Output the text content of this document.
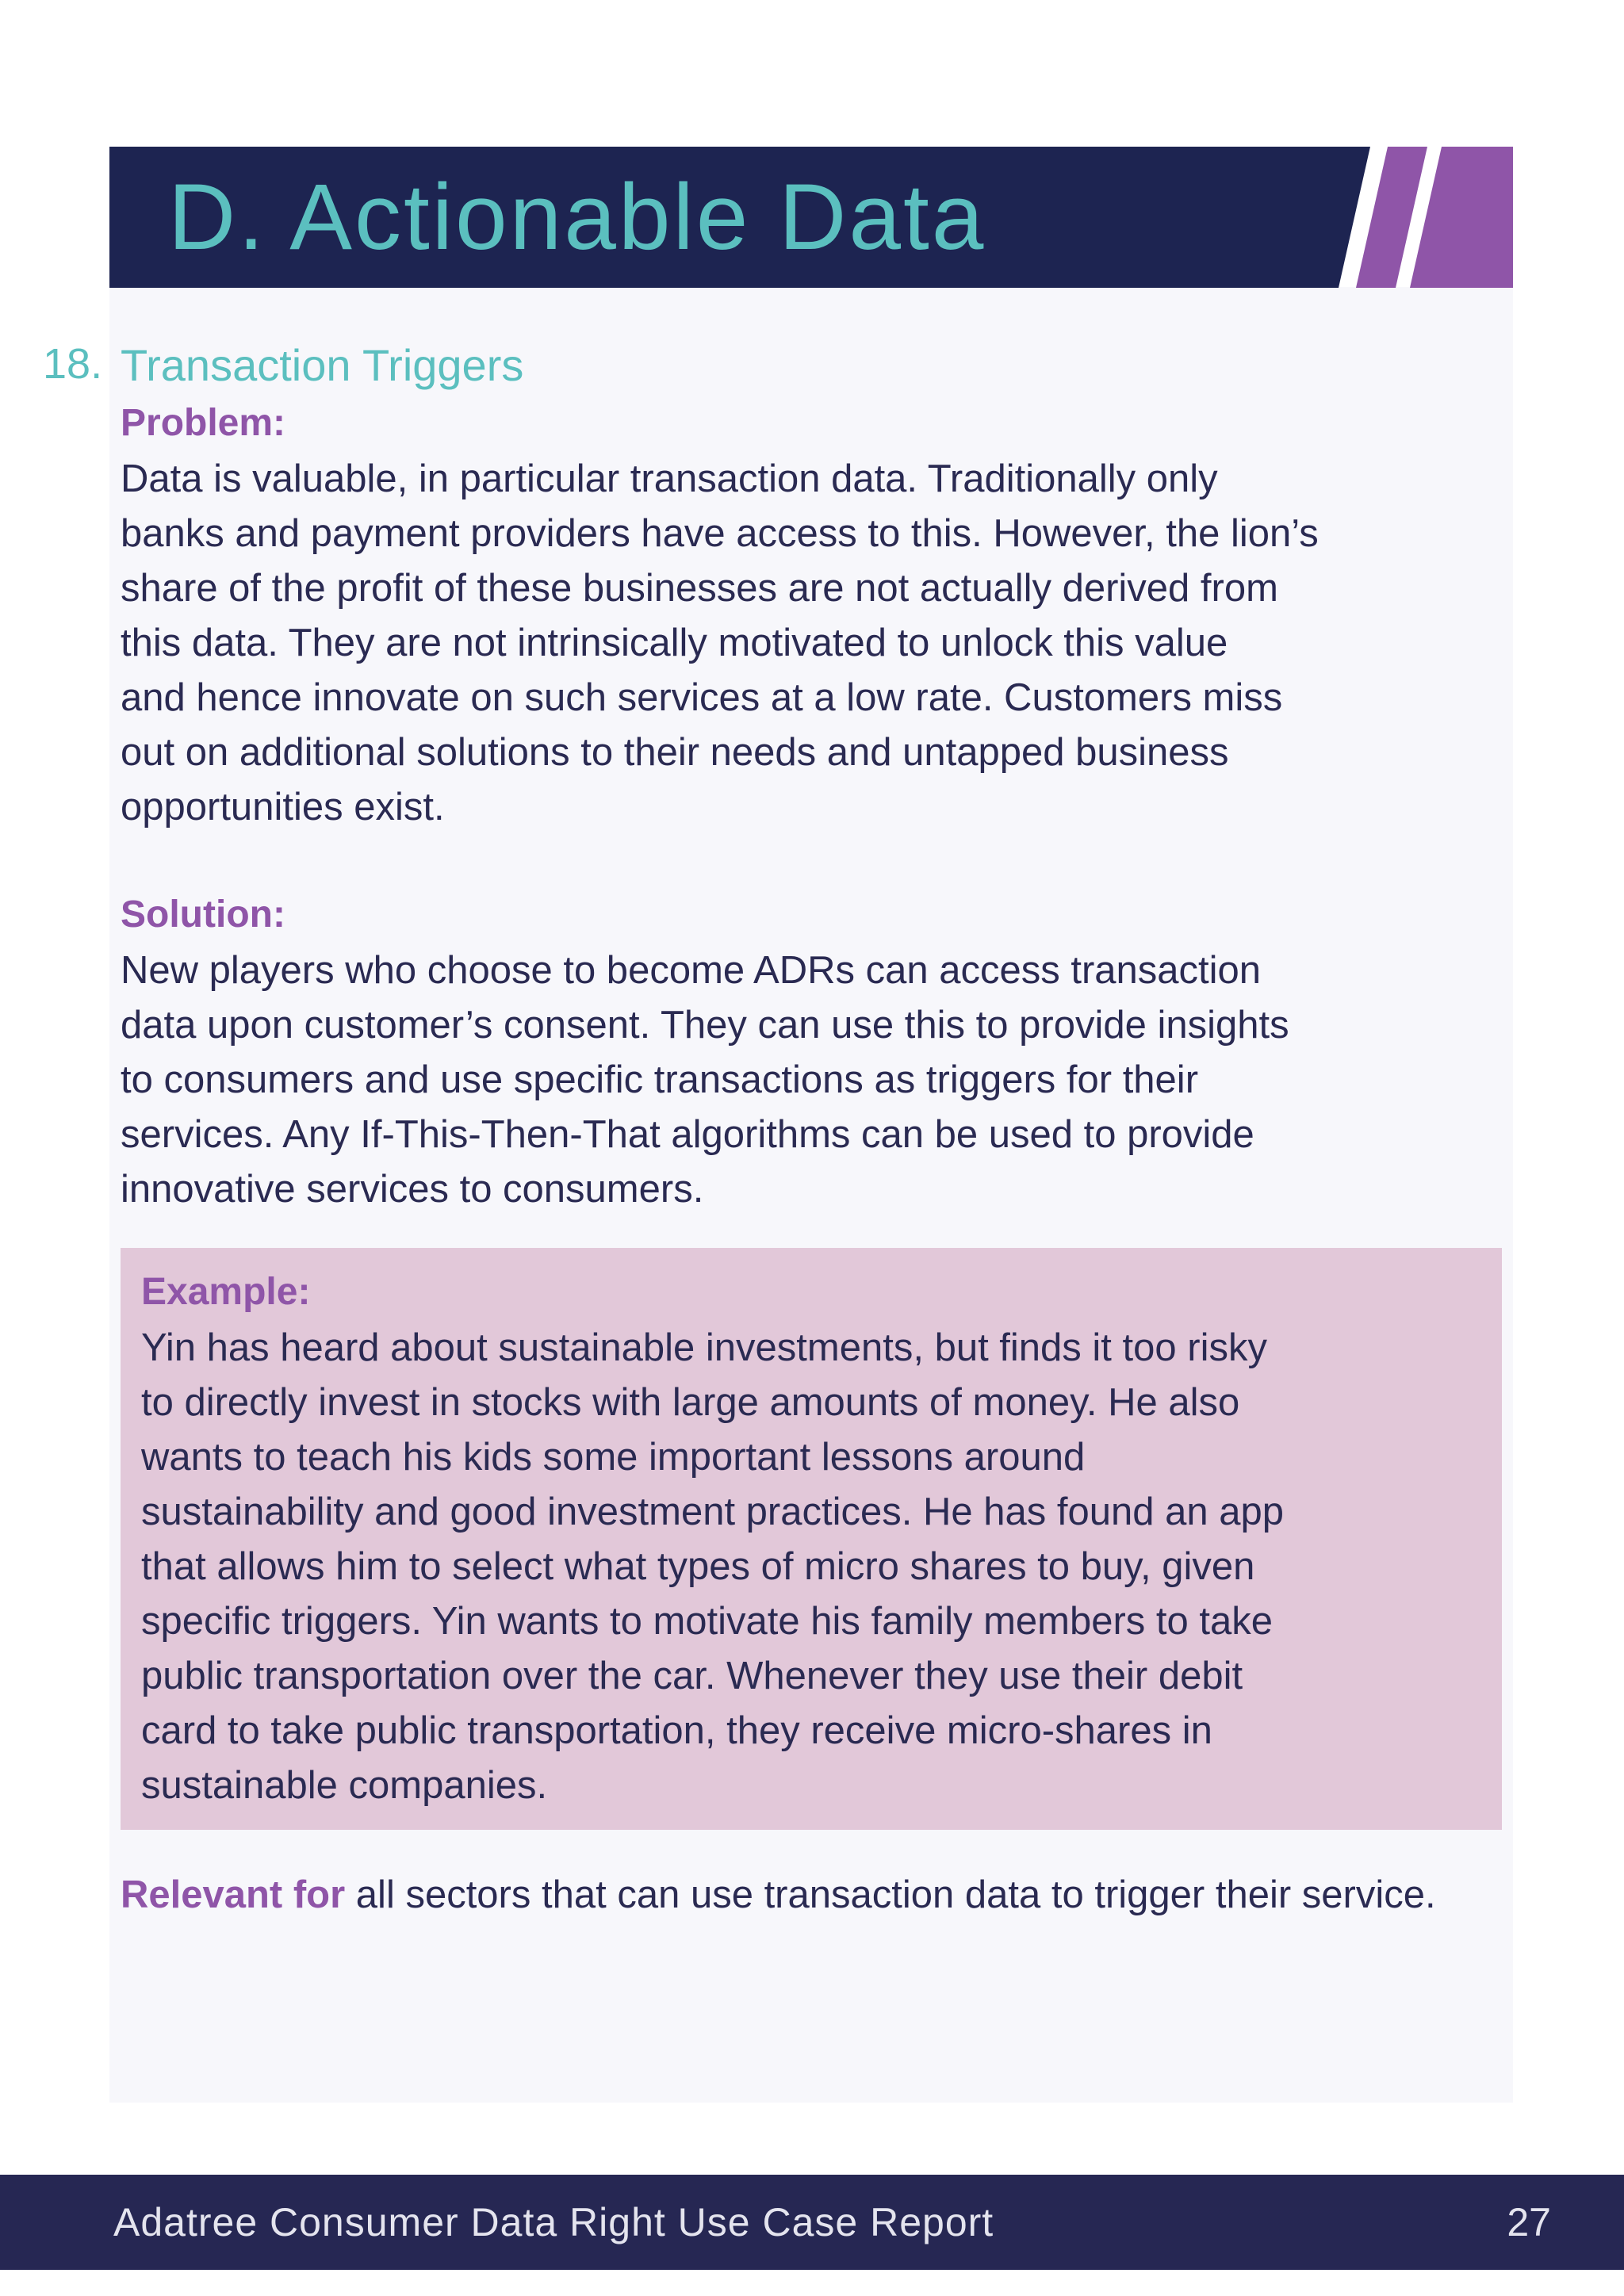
D. Actionable Data
18. Transaction Triggers
Problem:

Data is valuable, in particular transaction data. Traditionally only
banks and payment providers have access to this. However, the lion’s
share of the profit of these businesses are not actually derived from
this data. They are not intrinsically motivated to unlock this value
and hence innovate on such services at a low rate. Customers miss
out on additional solutions to their needs and untapped business
opportunities exist.

Solution:

New players who choose to become ADRs can access transaction
data upon customer’s consent. They can use this to provide insights
to consumers and use specific transactions as triggers for their
services. Any If-This-Then-That algorithms can be used to provide
innovative services to consumers.

Example:

Yin has heard about sustainable investments, but finds it too risky
to directly invest in stocks with large amounts of money. He also
wants to teach his kids some important lessons around
sustainability and good investment practices. He has found an app
that allows him to select what types of micro shares to buy, given
specific triggers. Yin wants to motivate his family members to take
public transportation over the car. Whenever they use their debit
card to take public transportation, they receive micro-shares in
sustainable companies.

Relevant for all sectors that can use transaction data to trigger their service.

Adatree Consumer Data Right Use Case Report	27
